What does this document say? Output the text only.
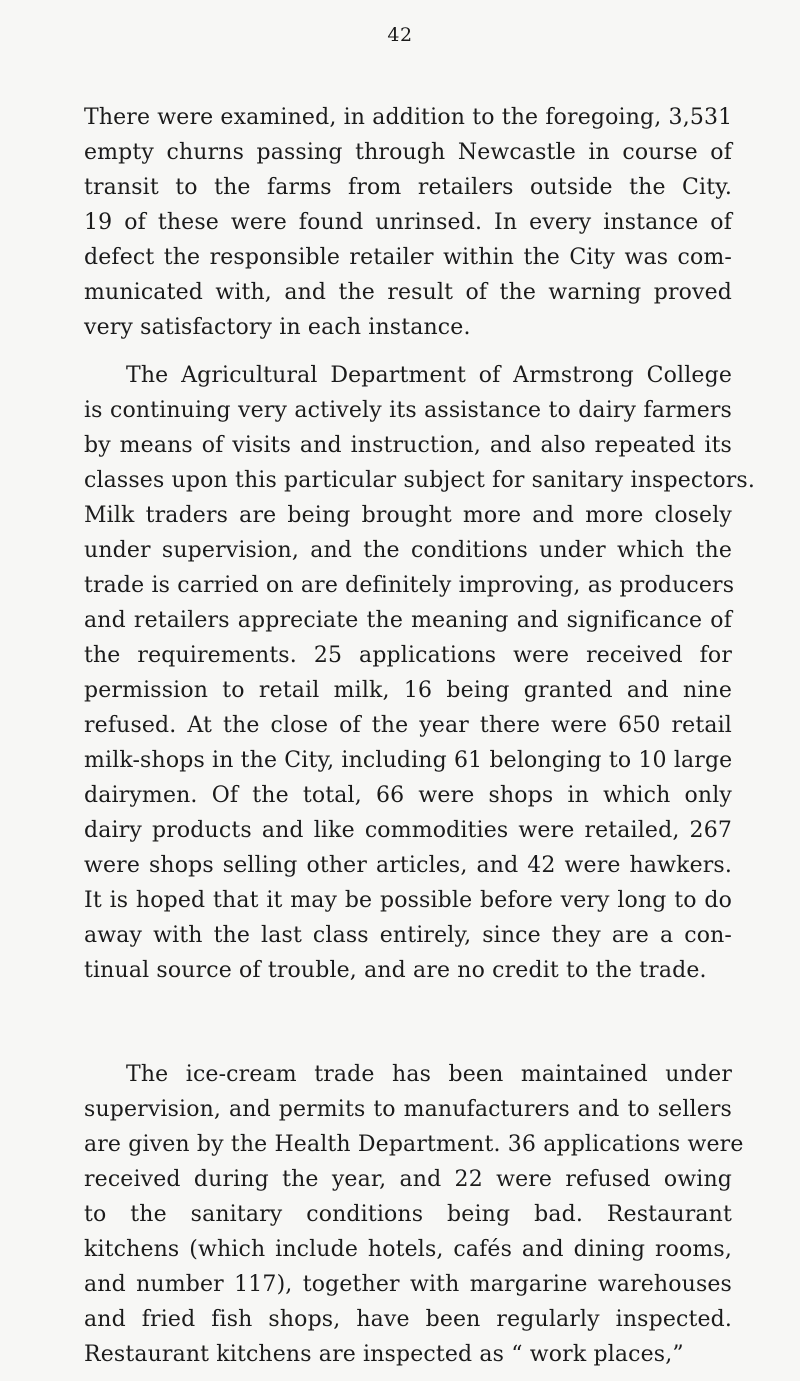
42
There were examined, in addition to the foregoing, 3,531
empty churns passing through Newcastle in course of
transit to the farms from retailers outside the City.
19 of these were found unrinsed. In every instance of
defect the responsible retailer within the City was com-
municated with, and the result of the warning proved
very satisfactory in each instance.
The Agricultural Department of Armstrong College
is continuing very actively its assistance to dairy farmers
by means of visits and instruction, and also repeated its
classes upon this particular subject for sanitary inspectors.
Milk traders are being brought more and more closely
under supervision, and the conditions under which the
trade is carried on are definitely improving, as producers
and retailers appreciate the meaning and significance of
the requirements. 25 applications were received for
permission to retail milk, 16 being granted and nine
refused. At the close of the year there were 650 retail
milk-shops in the City, including 61 belonging to 10 large
dairymen. Of the total, 66 were shops in which only
dairy products and like commodities were retailed, 267
were shops selling other articles, and 42 were hawkers.
It is hoped that it may be possible before very long to do
away with the last class entirely, since they are a con-
tinual source of trouble, and are no credit to the trade.
The ice-cream trade has been maintained under
supervision, and permits to manufacturers and to sellers
are given by the Health Department. 36 applications were
received during the year, and 22 were refused owing
to the sanitary conditions being bad. Restaurant
kitchens (which include hotels, cafés and dining rooms,
and number 117), together with margarine warehouses
and fried fish shops, have been regularly inspected.
Restaurant kitchens are inspected as “ work places,”
